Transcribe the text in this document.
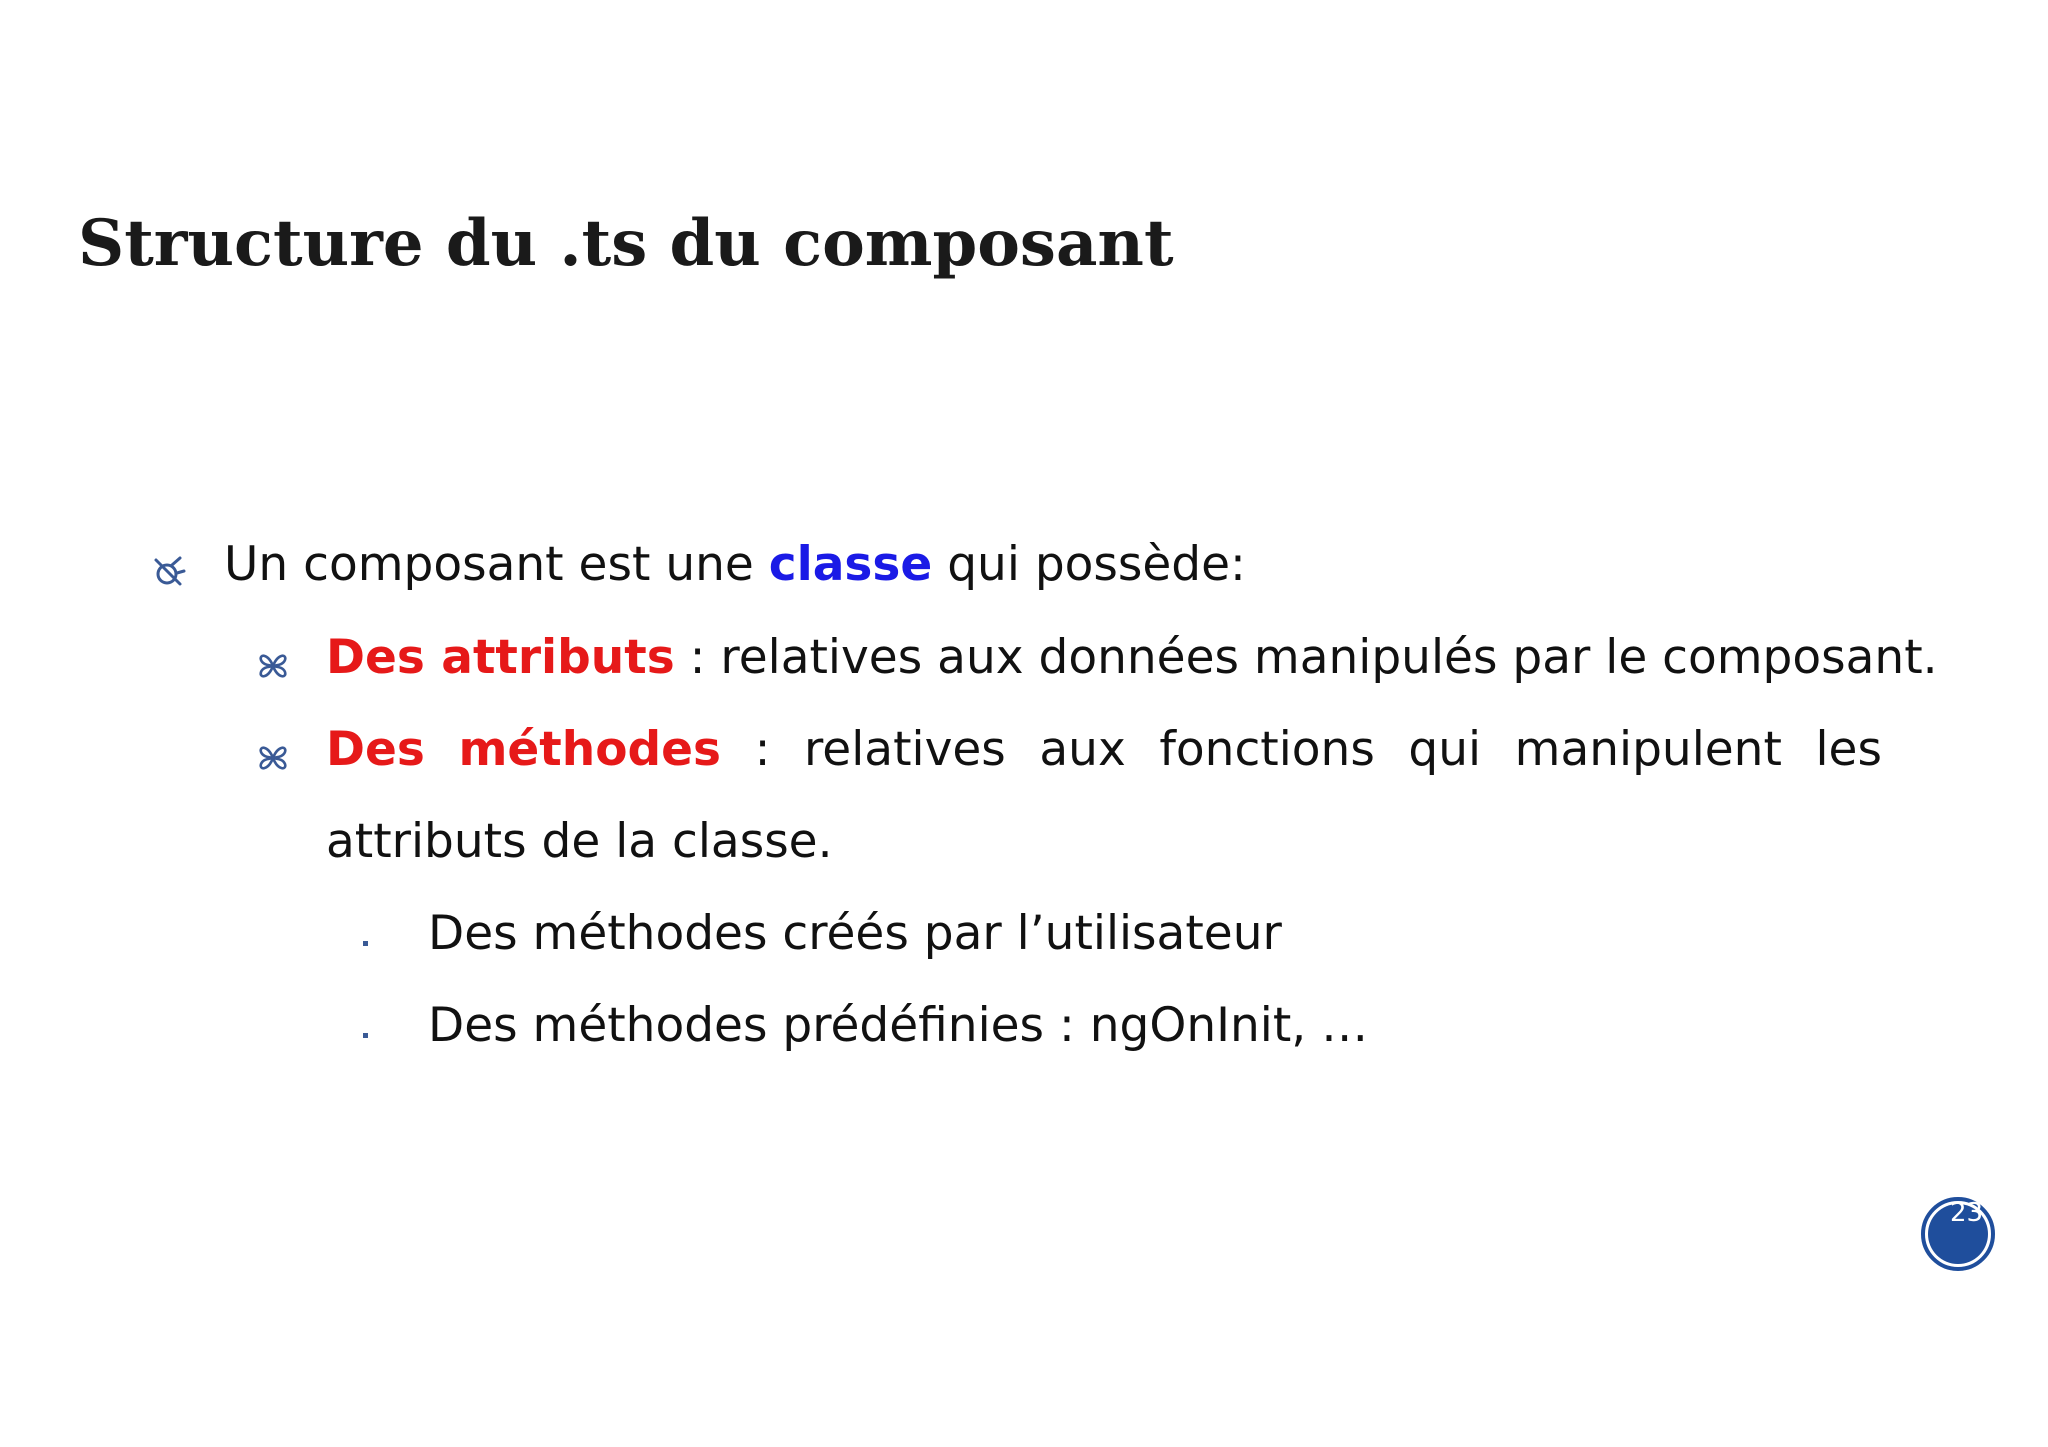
Structure du .ts du composant

Un composant est une classe qui possède:

Des attributs : relatives aux données manipulés par le composant.

Des méthodes : relatives aux fonctions qui manipulent les

attributs de la classe.

Des méthodes créés par l’utilisateur

Des méthodes prédéfinies : ngOnInit, …

23
